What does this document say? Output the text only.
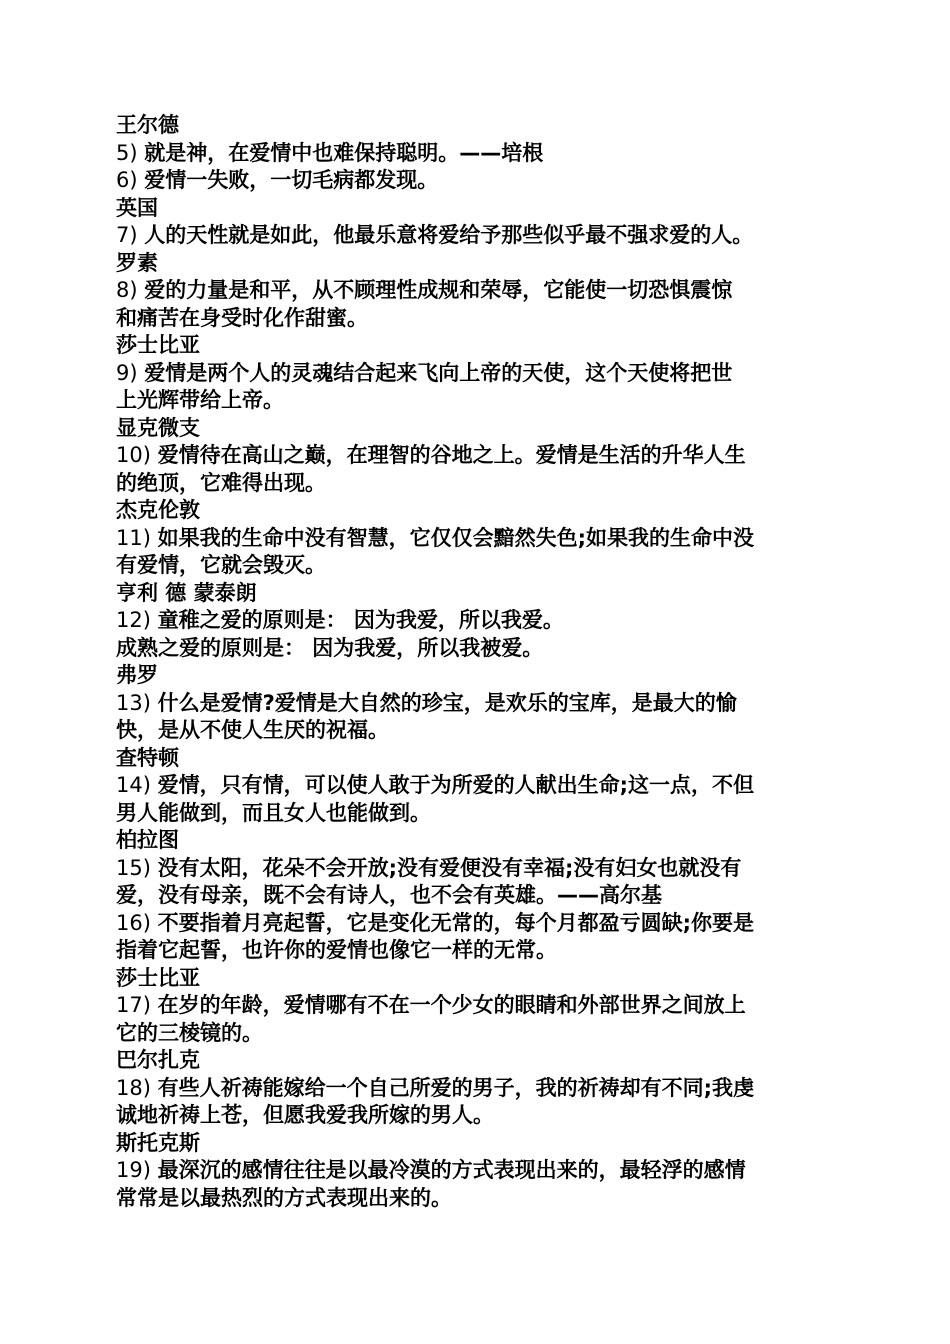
王尔德
5) 就是神，在爱情中也难保持聪明。——培根
6) 爱情一失败，一切毛病都发现。
英国
7) 人的天性就是如此，他最乐意将爱给予那些似乎最不强求爱的人。
罗素
8) 爱的力量是和平，从不顾理性成规和荣辱，它能使一切恐惧震惊
和痛苦在身受时化作甜蜜。
莎士比亚
9) 爱情是两个人的灵魂结合起来飞向上帝的天使，这个天使将把世
上光辉带给上帝。
显克微支
10) 爱情待在高山之巅，在理智的谷地之上。爱情是生活的升华人生
的绝顶，它难得出现。
杰克伦敦
11) 如果我的生命中没有智慧，它仅仅会黯然失色;如果我的生命中没
有爱情，它就会毁灭。
亨利 德 蒙泰朗
12) 童稚之爱的原则是： 因为我爱，所以我爱。
成熟之爱的原则是： 因为我爱，所以我被爱。
弗罗
13) 什么是爱情?爱情是大自然的珍宝，是欢乐的宝库，是最大的愉
快，是从不使人生厌的祝福。
查特顿
14) 爱情，只有情，可以使人敢于为所爱的人献出生命;这一点，不但
男人能做到，而且女人也能做到。
柏拉图
15) 没有太阳，花朵不会开放;没有爱便没有幸福;没有妇女也就没有
爱，没有母亲，既不会有诗人，也不会有英雄。——高尔基
16) 不要指着月亮起誓，它是变化无常的，每个月都盈亏圆缺;你要是
指着它起誓，也许你的爱情也像它一样的无常。
莎士比亚
17) 在岁的年龄，爱情哪有不在一个少女的眼睛和外部世界之间放上
它的三棱镜的。
巴尔扎克
18) 有些人祈祷能嫁给一个自己所爱的男子，我的祈祷却有不同;我虔
诚地祈祷上苍，但愿我爱我所嫁的男人。
斯托克斯
19) 最深沉的感情往往是以最冷漠的方式表现出来的，最轻浮的感情
常常是以最热烈的方式表现出来的。
